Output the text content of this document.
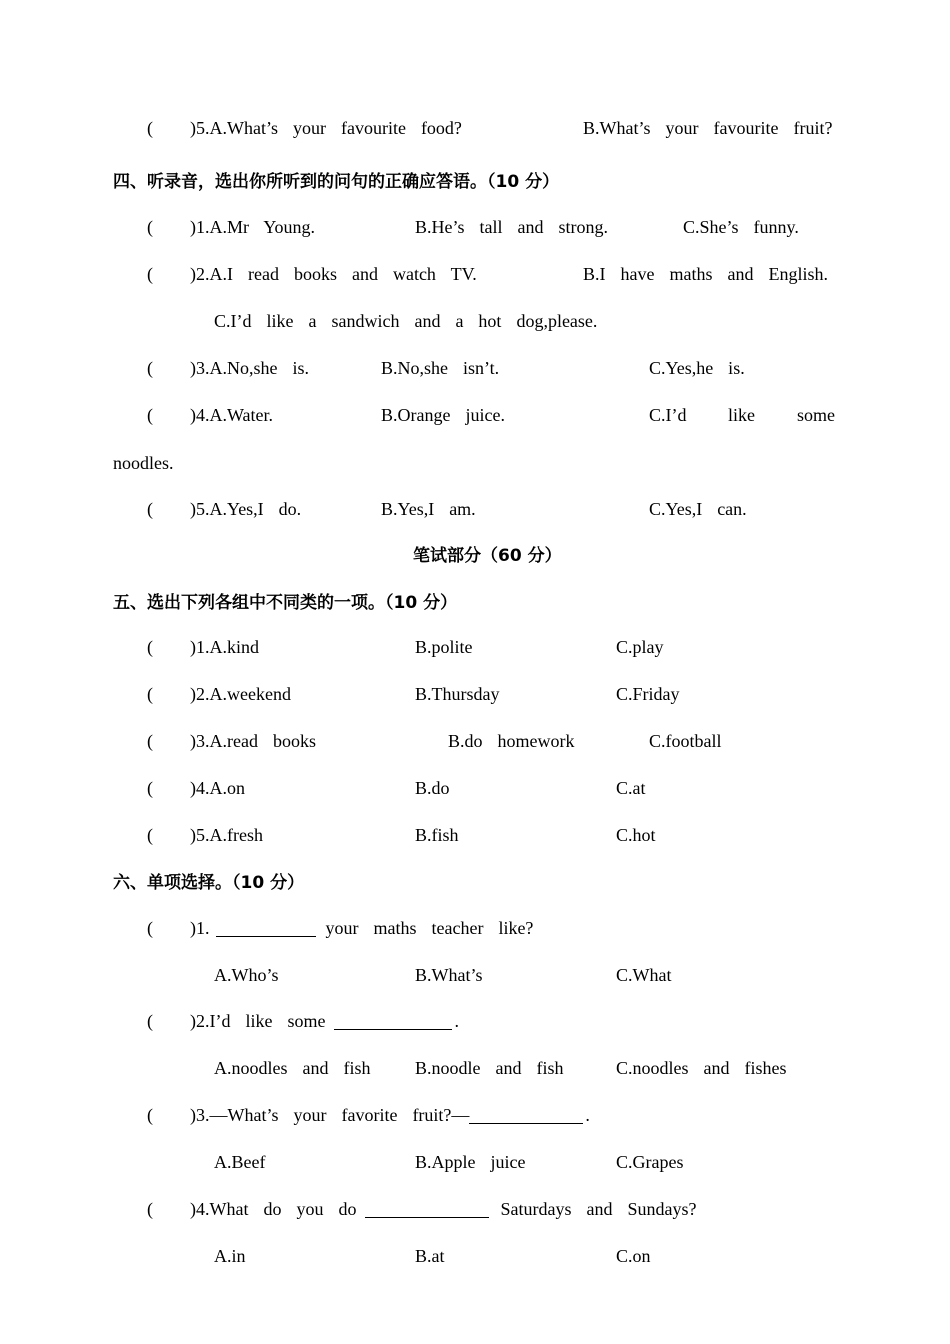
( )5.A.What’s  your  favourite  food?	B.What’s  your  favourite  fruit?
四、听录音，选出你所听到的问句的正确应答语。（10 分）
( )1.A.Mr  Young.	B.He’s  tall  and  strong.	C.She’s  funny.
( )2.A.I  read  books  and  watch  TV.	B.I  have  maths  and  English.
C.I’d  like  a  sandwich  and  a  hot  dog,please.
( )3.A.No,she  is.	B.No,she  isn’t.	C.Yes,he  is.
( )4.A.Water.	B.Orange  juice.	C.I’d like some
noodles.
( )5.A.Yes,I  do.	B.Yes,I  am.	C.Yes,I  can.
笔试部分（60 分）
五、选出下列各组中不同类的一项。（10 分）
( )1.A.kind	B.polite	C.play
( )2.A.weekend	B.Thursday	C.Friday
( )3.A.read  books	B.do  homework	C.football
( )4.A.on	B.do	C.at
( )5.A.fresh	B.fish	C.hot
六、单项选择。（10 分）
( )1.	your  maths  teacher  like?
A.Who’s	B.What’s	C.What
( )2.I’d  like  some	.
A.noodles  and  fish B.noodle  and  fish	C.noodles  and  fishes
( )3.—What’s  your  favorite  fruit?—	.
A.Beef	B.Apple  juice	C.Grapes
( )4.What  do  you  do	Saturdays  and  Sundays?
A.in	B.at	C.on
